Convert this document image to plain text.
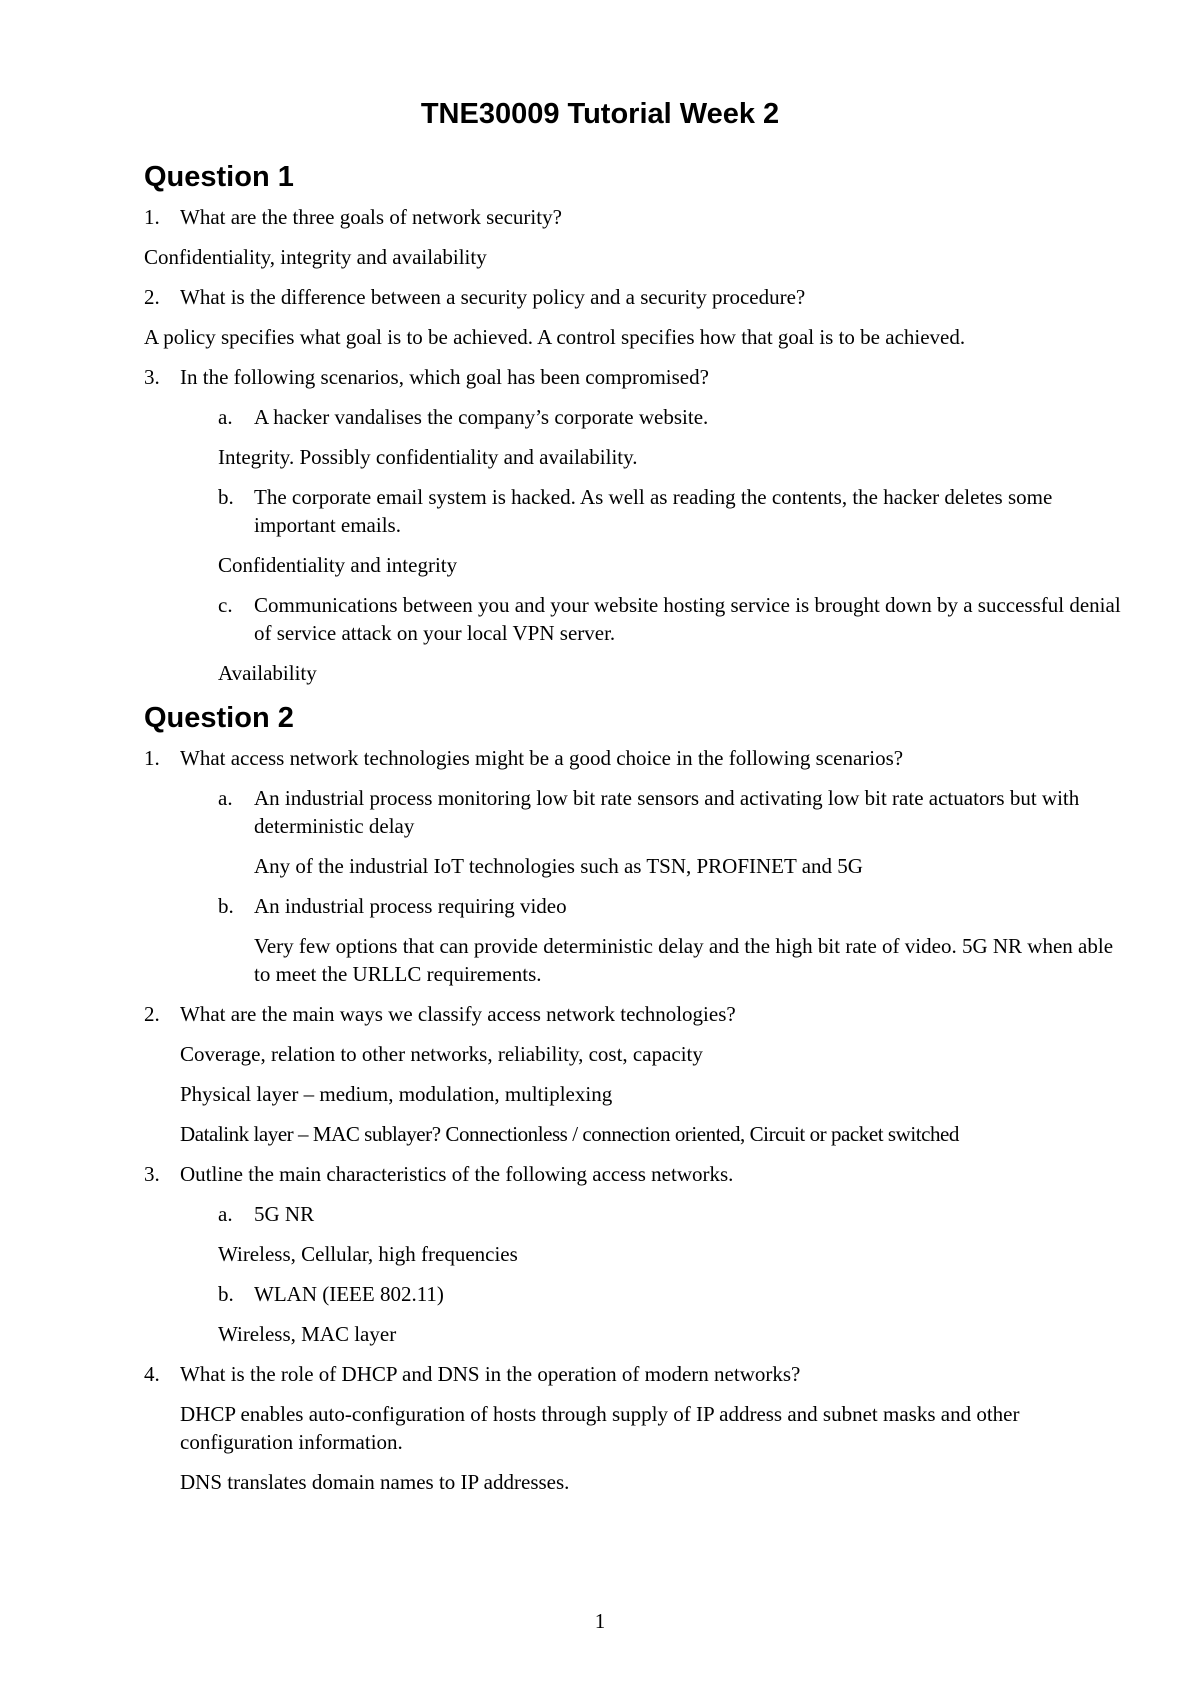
TNE30009 Tutorial Week 2
Question 1
1. What are the three goals of network security?
Confidentiality, integrity and availability
2. What is the difference between a security policy and a security procedure?
A policy specifies what goal is to be achieved. A control specifies how that goal is to be achieved.
3. In the following scenarios, which goal has been compromised?
a. A hacker vandalises the company’s corporate website.
Integrity. Possibly confidentiality and availability.
b. The corporate email system is hacked. As well as reading the contents, the hacker deletes some important emails.
Confidentiality and integrity
c. Communications between you and your website hosting service is brought down by a successful denial of service attack on your local VPN server.
Availability
Question 2
1. What access network technologies might be a good choice in the following scenarios?
a. An industrial process monitoring low bit rate sensors and activating low bit rate actuators but with deterministic delay
Any of the industrial IoT technologies such as TSN, PROFINET and 5G
b. An industrial process requiring video
Very few options that can provide deterministic delay and the high bit rate of video. 5G NR when able to meet the URLLC requirements.
2. What are the main ways we classify access network technologies?
Coverage, relation to other networks, reliability, cost, capacity
Physical layer – medium, modulation, multiplexing
Datalink layer – MAC sublayer? Connectionless / connection oriented, Circuit or packet switched
3. Outline the main characteristics of the following access networks.
a. 5G NR
Wireless, Cellular, high frequencies
b. WLAN (IEEE 802.11)
Wireless, MAC layer
4. What is the role of DHCP and DNS in the operation of modern networks?
DHCP enables auto-configuration of hosts through supply of IP address and subnet masks and other configuration information.
DNS translates domain names to IP addresses.
1
